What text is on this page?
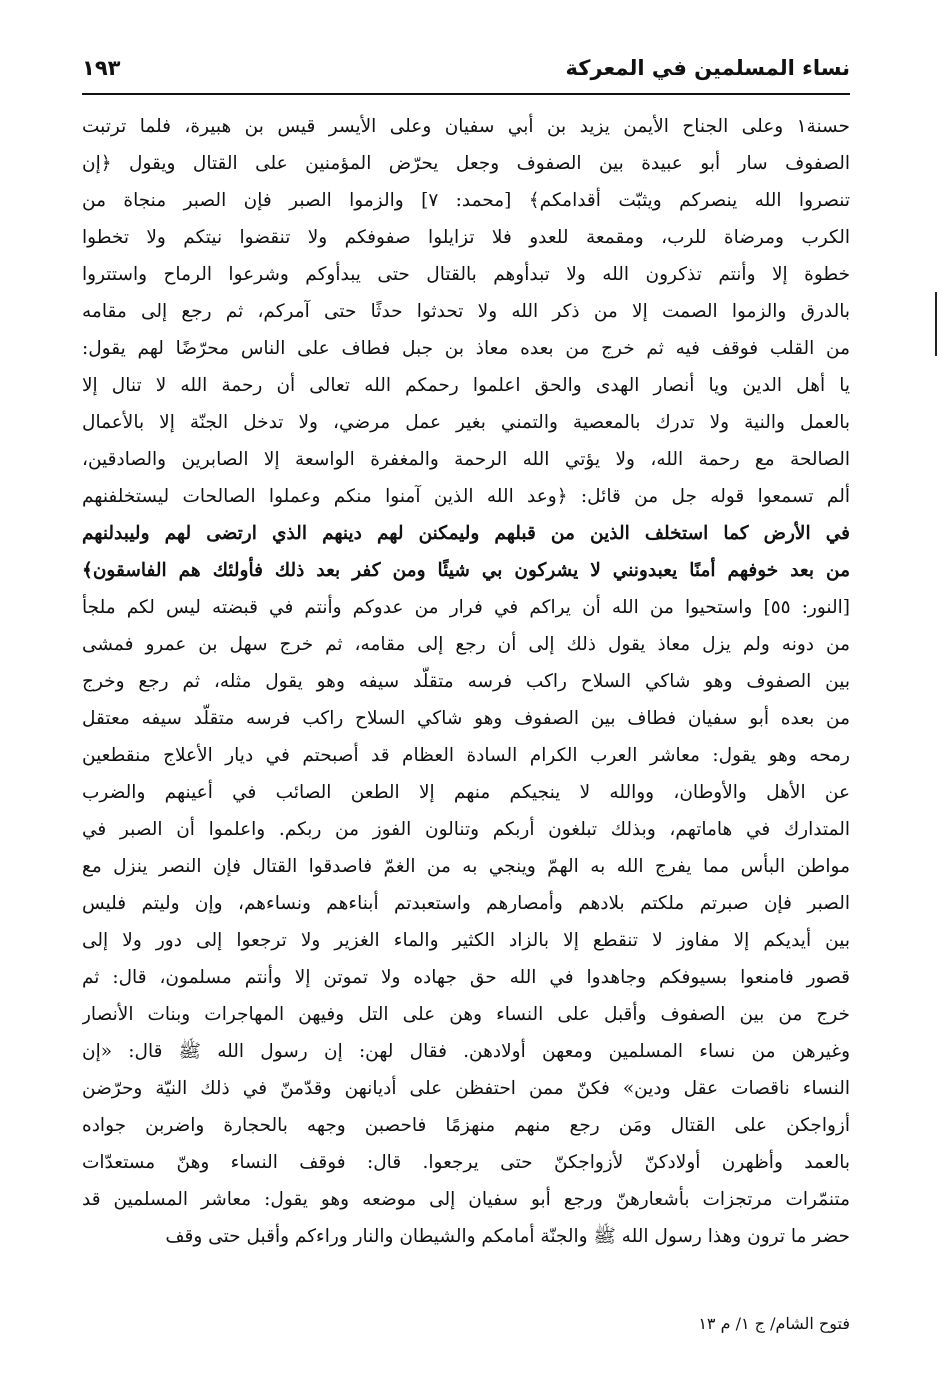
نساء المسلمين في المعركة
١٩٣
حسنة١ وعلى الجناح الأيمن يزيد بن أبي سفيان وعلى الأيسر قيس بن هبيرة، فلما ترتبت
الصفوف سار أبو عبيدة بين الصفوف وجعل يحرّض المؤمنين على القتال ويقول ﴿إن
تنصروا الله ينصركم ويثبّت أقدامكم﴾ [محمد: ٧] والزموا الصبر فإن الصبر منجاة من
الكرب ومرضاة للرب، ومقمعة للعدو فلا تزايلوا صفوفكم ولا تنقضوا نيتكم ولا تخطوا
خطوة إلا وأنتم تذكرون الله ولا تبدأوهم بالقتال حتى يبدأوكم وشرعوا الرماح واستتروا
بالدرق والزموا الصمت إلا من ذكر الله ولا تحدثوا حدثًا حتى آمركم، ثم رجع إلى مقامه
من القلب فوقف فيه ثم خرج من بعده معاذ بن جبل فطاف على الناس محرّضًا لهم يقول:
يا أهل الدين ويا أنصار الهدى والحق اعلموا رحمكم الله تعالى أن رحمة الله لا تنال إلا
بالعمل والنية ولا تدرك بالمعصية والتمني بغير عمل مرضي، ولا تدخل الجنّة إلا بالأعمال
الصالحة مع رحمة الله، ولا يؤتي الله الرحمة والمغفرة الواسعة إلا الصابرين والصادقين،
ألم تسمعوا قوله جل من قائل: ﴿وعد الله الذين آمنوا منكم وعملوا الصالحات ليستخلفنهم
في الأرض كما استخلف الذين من قبلهم وليمكنن لهم دينهم الذي ارتضى لهم وليبدلنهم
من بعد خوفهم أمنًا يعبدونني لا يشركون بي شيئًا ومن كفر بعد ذلك فأولئك هم الفاسقون﴾
[النور: ٥٥] واستحيوا من الله أن يراكم في فرار من عدوكم وأنتم في قبضته ليس لكم ملجأ
من دونه ولم يزل معاذ يقول ذلك إلى أن رجع إلى مقامه، ثم خرج سهل بن عمرو فمشى
بين الصفوف وهو شاكي السلاح راكب فرسه متقلّد سيفه وهو يقول مثله، ثم رجع وخرج
من بعده أبو سفيان فطاف بين الصفوف وهو شاكي السلاح راكب فرسه متقلّد سيفه معتقل
رمحه وهو يقول: معاشر العرب الكرام السادة العظام قد أصبحتم في ديار الأعلاج منقطعين
عن الأهل والأوطان، ووالله لا ينجيكم منهم إلا الطعن الصائب في أعينهم والضرب
المتدارك في هاماتهم، وبذلك تبلغون أربكم وتنالون الفوز من ربكم. واعلموا أن الصبر في
مواطن البأس مما يفرج الله به الهمّ وينجي به من الغمّ فاصدقوا القتال فإن النصر ينزل مع
الصبر فإن صبرتم ملكتم بلادهم وأمصارهم واستعبدتم أبناءهم ونساءهم، وإن وليتم فليس
بين أيديكم إلا مفاوز لا تنقطع إلا بالزاد الكثير والماء الغزير ولا ترجعوا إلى دور ولا إلى
قصور فامنعوا بسيوفكم وجاهدوا في الله حق جهاده ولا تموتن إلا وأنتم مسلمون، قال: ثم
خرج من بين الصفوف وأقبل على النساء وهن على التل وفيهن المهاجرات وبنات الأنصار
وغيرهن من نساء المسلمين ومعهن أولادهن. فقال لهن: إن رسول الله ﷺ قال: «إن
النساء ناقصات عقل ودين» فكنّ ممن احتفظن على أديانهن وقدّمنّ في ذلك النيّة وحرّضن
أزواجكن على القتال ومَن رجع منهم منهزمًا فاحصبن وجهه بالحجارة واضربن جواده
بالعمد وأظهرن أولادكنّ لأزواجكنّ حتى يرجعوا. قال: فوقف النساء وهنّ مستعدّات
متنمّرات مرتجزات بأشعارهنّ ورجع أبو سفيان إلى موضعه وهو يقول: معاشر المسلمين قد
حضر ما ترون وهذا رسول الله ﷺ والجنّة أمامكم والشيطان والنار وراءكم وأقبل حتى وقف
فتوح الشام/ ج ١/ م ١٣
